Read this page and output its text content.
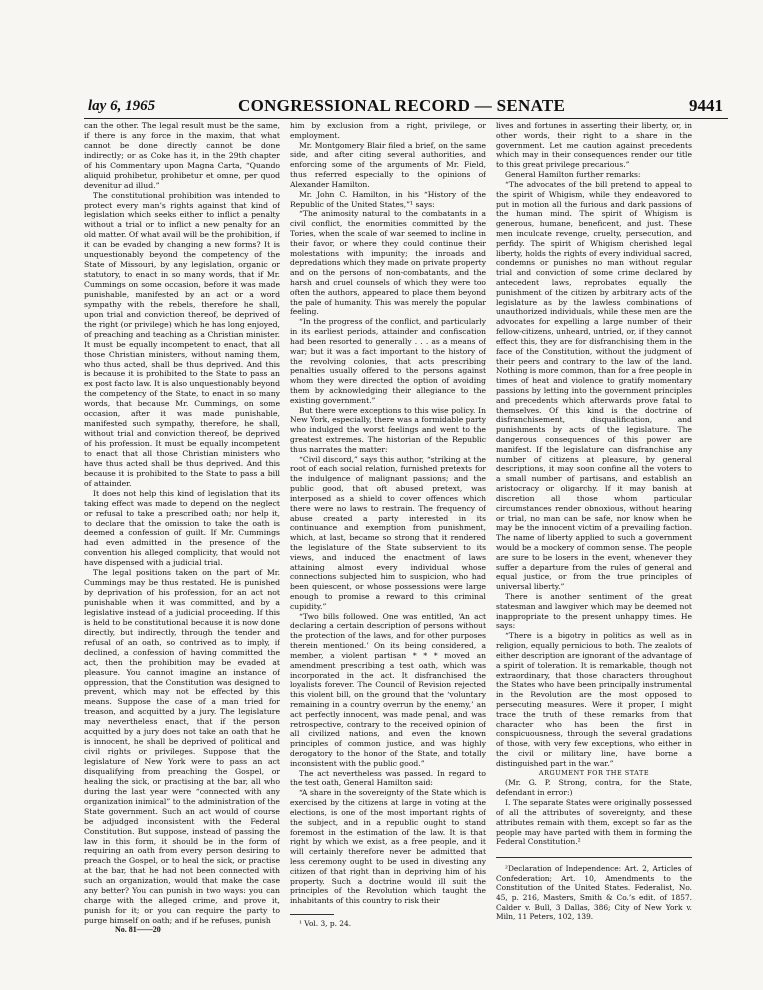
lay 6, 1965	CONGRESSIONAL RECORD — SENATE	9441

can the other. The legal result must be the same, if there is any force in the maxim, that what cannot be done directly cannot be done indirectly; or as Coke has it, in the 29th chapter of his Commentary upon Magna Carta, “Quando aliquid prohibetur, prohibetur et omne, per quod devenitur ad illud.”

The constitutional prohibition was intended to protect every man’s rights against that kind of legislation which seeks either to inflict a penalty without a trial or to inflict a new penalty for an old matter. Of what avail will be the prohibition, if it can be evaded by changing a new forms? It is unquestionably beyond the competency of the State of Missouri, by any legislation, organic or statutory, to enact in so many words, that if Mr. Cummings on some occasion, before it was made punishable, manifested by an act or a word sympathy with the rebels, therefore he shall, upon trial and conviction thereof, be deprived of the right (or privilege) which he has long enjoyed, of preaching and teaching as a Christian minister. It must be equally incompetent to enact, that all those Christian ministers, without naming them, who thus acted, shall be thus deprived. And this is because it is prohibited to the State to pass an ex post facto law. It is also unquestionably beyond the competency of the State, to enact in so many words, that because Mr. Cummings, on some occasion, after it was made punishable, manifested such sympathy, therefore, he shall, without trial and conviction thereof, be deprived of his profession. It must be equally incompetent to enact that all those Christian ministers who have thus acted shall be thus deprived. And this because it is prohibited to the State to pass a bill of attainder.

It does not help this kind of legislation that its taking effect was made to depend on the neglect or refusal to take a prescribed oath; nor help it, to declare that the omission to take the oath is deemed a confession of guilt. If Mr. Cummings had even admitted in the presence of the convention his alleged complicity, that would not have dispensed with a judicial trial.

The legal positions taken on the part of Mr. Cummings may be thus restated. He is punished by deprivation of his profession, for an act not punishable when it was committed, and by a legislative instead of a judicial proceeding. If this is held to be constitutional because it is now done directly, but indirectly, through the tender and refusal of an oath, so contrived as to imply, if declined, a confession of having committed the act, then the prohibition may be evaded at pleasure. You cannot imagine an instance of oppression, that the Constitution was designed to prevent, which may not be effected by this means. Suppose the case of a man tried for treason, and acquitted by a jury. The legislature may nevertheless enact, that if the person acquitted by a jury does not take an oath that he is innocent, he shall be deprived of political and civil rights or privileges. Suppose that the legislature of New York were to pass an act disqualifying from preaching the Gospel, or healing the sick, or practising at the bar, all who during the last year were “connected with any organization inimical” to the administration of the State government. Such an act would of course be adjudged inconsistent with the Federal Constitution. But suppose, instead of passing the law in this form, it should be in the form of requiring an oath from every person desiring to preach the Gospel, or to heal the sick, or practise at the bar, that he had not been connected with such an organization, would that make the case any better? You can punish in two ways: you can charge with the alleged crime, and prove it, punish for it; or you can require the party to purge himself on oath; and if he refuses, punish

him by exclusion from a right, privilege, or employment.

Mr. Montgomery Blair filed a brief, on the same side, and after citing several authorities, and enforcing some of the arguments of Mr. Field, thus referred especially to the opinions of Alexander Hamilton.

Mr. John C. Hamilton, in his “History of the Republic of the United States,”¹ says:

“The animosity natural to the combatants in a civil conflict, the enormities committed by the Tories, when the scale of war seemed to incline in their favor, or where they could continue their molestations with impunity; the inroads and depredations which they made on private property and on the persons of non-combatants, and the harsh and cruel counsels of which they were too often the authors, appeared to place them beyond the pale of humanity. This was merely the popular feeling.

“In the progress of the conflict, and particularly in its earliest periods, attainder and confiscation had been resorted to generally . . . as a means of war; but it was a fact important to the history of the revolving colonies, that acts prescribing penalties usually offered to the persons against whom they were directed the option of avoiding them by acknowledging their allegiance to the existing government.”

But there were exceptions to this wise policy. In New York, especially, there was a formidable party who indulged the worst feelings and went to the greatest extremes. The historian of the Republic thus narrates the matter:

“Civil discord,” says this author, “striking at the root of each social relation, furnished pretexts for the indulgence of malignant passions; and the public good, that oft abused pretext, was interposed as a shield to cover offences which there were no laws to restrain. The frequency of abuse created a party interested in its continuance and exemption from punishment, which, at last, became so strong that it rendered the legislature of the State subservient to its views, and induced the enactment of laws attaining almost every individual whose connections subjected him to suspicion, who had been quiescent, or whose possessions were large enough to promise a reward to this criminal cupidity.”

“Two bills followed. One was entitled, ‘An act declaring a certain description of persons without the protection of the laws, and for other purposes therein mentioned.’ On its being considered, a member, a violent partisan * * * moved an amendment prescribing a test oath, which was incorporated in the act. It disfranchised the loyalists forever. The Council of Revision rejected this violent bill, on the ground that the ‘voluntary remaining in a country overrun by the enemy,’ an act perfectly innocent, was made penal, and was retrospective, contrary to the received opinion of all civilized nations, and even the known principles of common justice, and was highly derogatory to the honor of the State, and totally inconsistent with the public good.”

The act nevertheless was passed. In regard to the test oath, General Hamilton said:

“A share in the sovereignty of the State which is exercised by the citizens at large in voting at the elections, is one of the most important rights of the subject, and in a republic ought to stand foremost in the estimation of the law. It is that right by which we exist, as a free people, and it will certainly therefore never be admitted that less ceremony ought to be used in divesting any citizen of that right than in depriving him of his property. Such a doctrine would ill suit the principles of the Revolution which taught the inhabitants of this country to risk their

¹ Vol. 3, p. 24.

lives and fortunes in asserting their liberty, or, in other words, their right to a share in the government. Let me caution against precedents which may in their consequences render our title to this great privilege precarious.”

General Hamilton further remarks:

“The advocates of the bill pretend to appeal to the spirit of Whigism, while they endeavored to put in motion all the furious and dark passions of the human mind. The spirit of Whigism is generous, humane, beneficent, and just. These men inculcate revenge, cruelty, persecution, and perfidy. The spirit of Whigism cherished legal liberty, holds the rights of every individual sacred, condemns or punishes no man without regular trial and conviction of some crime declared by antecedent laws, reprobates equally the punishment of the citizen by arbitrary acts of the legislature as by the lawless combinations of unauthorized individuals, while these men are the advocates for expelling a large number of their fellow-citizens, unheard, untried, or, if they cannot effect this, they are for disfranchising them in the face of the Constitution, without the judgment of their peers and contrary to the law of the land. Nothing is more common, than for a free people in times of heat and violence to gratify momentary passions by letting into the government principles and precedents which afterwards prove fatal to themselves. Of this kind is the doctrine of disfranchisement, disqualification, and punishments by acts of the legislature. The dangerous consequences of this power are manifest. If the legislature can disfranchise any number of citizens at pleasure, by general descriptions, it may soon confine all the voters to a small number of partisans, and establish an aristocracy or oligarchy. If it may banish at discretion all those whom particular circumstances render obnoxious, without hearing or trial, no man can be safe, nor know when he may be the innocent victim of a prevailing faction. The name of liberty applied to such a government would be a mockery of common sense. The people are sure to be losers in the event, whenever they suffer a departure from the rules of general and equal justice, or from the true principles of universal liberty.”

There is another sentiment of the great statesman and lawgiver which may be deemed not inappropriate to the present unhappy times. He says:

“There is a bigotry in politics as well as in religion, equally pernicious to both. The zealots of either description are ignorant of the advantage of a spirit of toleration. It is remarkable, though not extraordinary, that those characters throughout the States who have been principally instrumental in the Revolution are the most opposed to persecuting measures. Were it proper, I might trace the truth of these remarks from that character who has been the first in conspicuousness, through the several gradations of those, with very few exceptions, who either in the civil or military line, have borne a distinguished part in the war.”

ARGUMENT FOR THE STATE

(Mr. G. P. Strong, contra, for the State, defendant in error:)

I. The separate States were originally possessed of all the attributes of sovereignty, and these attributes remain with them, except so far as the people may have parted with them in forming the Federal Constitution.²

²Declaration of Independence: Art. 2, Articles of Confederation; Art. 10, Amendments to the Constitution of the United States. Federalist, No. 45, p. 216, Masters, Smith & Co.’s edit. of 1857. Calder v. Bull, 3 Dallas, 386; City of New York v. Miln, 11 Peters, 102, 139.

No. 81——20
